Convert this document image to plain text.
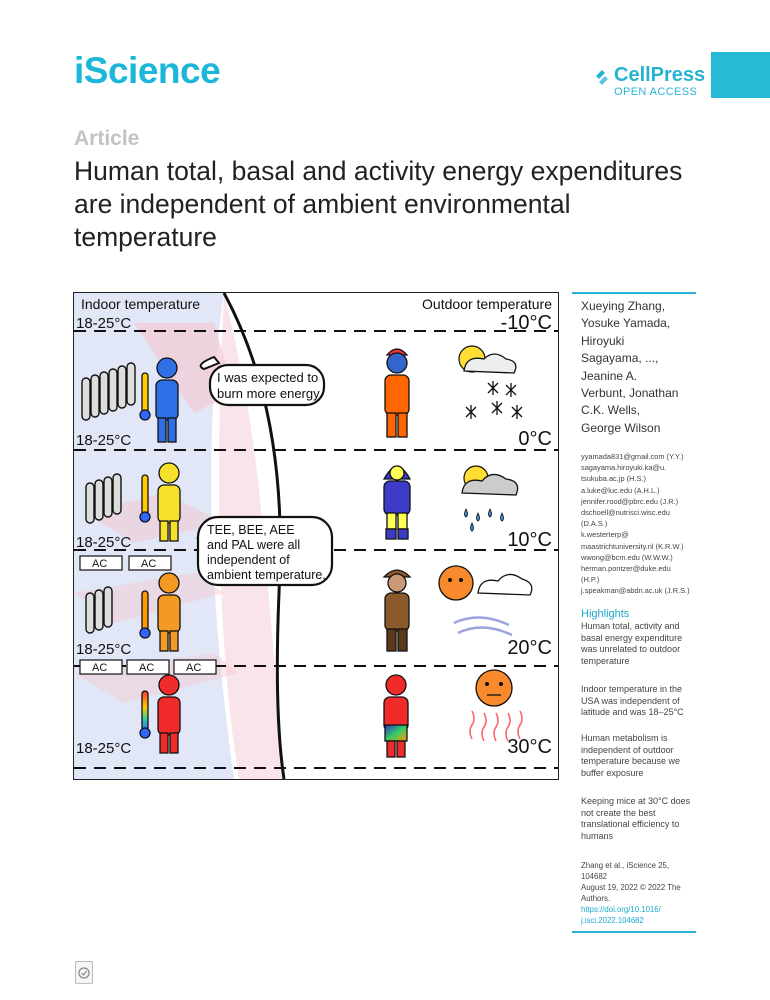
iScience	CellPress
OPEN ACCESS
Article
Human total, basal and activity energy expenditures are independent of ambient environmental temperature
Indoor temperature	Outdoor temperature
18-25°C
18-25°C
18-25°C
18-25°C
18-25°C
-10°C
0°C
10°C
20°C
30°C
AC	AC
AC	AC	AC
I was expected to
burn more energy
TEE, BEE, AEE
and PAL were all
independent of
ambient temperature.
Xueying Zhang,
Yosuke Yamada,
Hiroyuki
Sagayama, ...,
Jeanine A.
Verbunt, Jonathan
C.K. Wells,
George Wilson
yyamada831@gmail.com (Y.Y.)
sagayama.hiroyuki.ka@u.
tsukuba.ac.jp (H.S.)
a.luke@luc.edu (A.H.L.)
jennifer.rood@pbrc.edu (J.R.)
dschoell@nutrisci.wisc.edu
(D.A.S.)
k.westerterp@
maastrichtuniversity.nl (K.R.W.)
wwong@bcm.edu (W.W.W.)
herman.pontzer@duke.edu
(H.P.)
j.speakman@abdn.ac.uk (J.R.S.)
Highlights
Human total, activity and basal energy expenditure was unrelated to outdoor temperature
Indoor temperature in the USA was independent of latitude and was 18–25°C
Human metabolism is independent of outdoor temperature because we buffer exposure
Keeping mice at 30°C does not create the best translational efficiency to humans
Zhang et al., iScience 25,
104682
August 19, 2022 © 2022 The
Authors.
https://doi.org/10.1016/
j.isci.2022.104682
